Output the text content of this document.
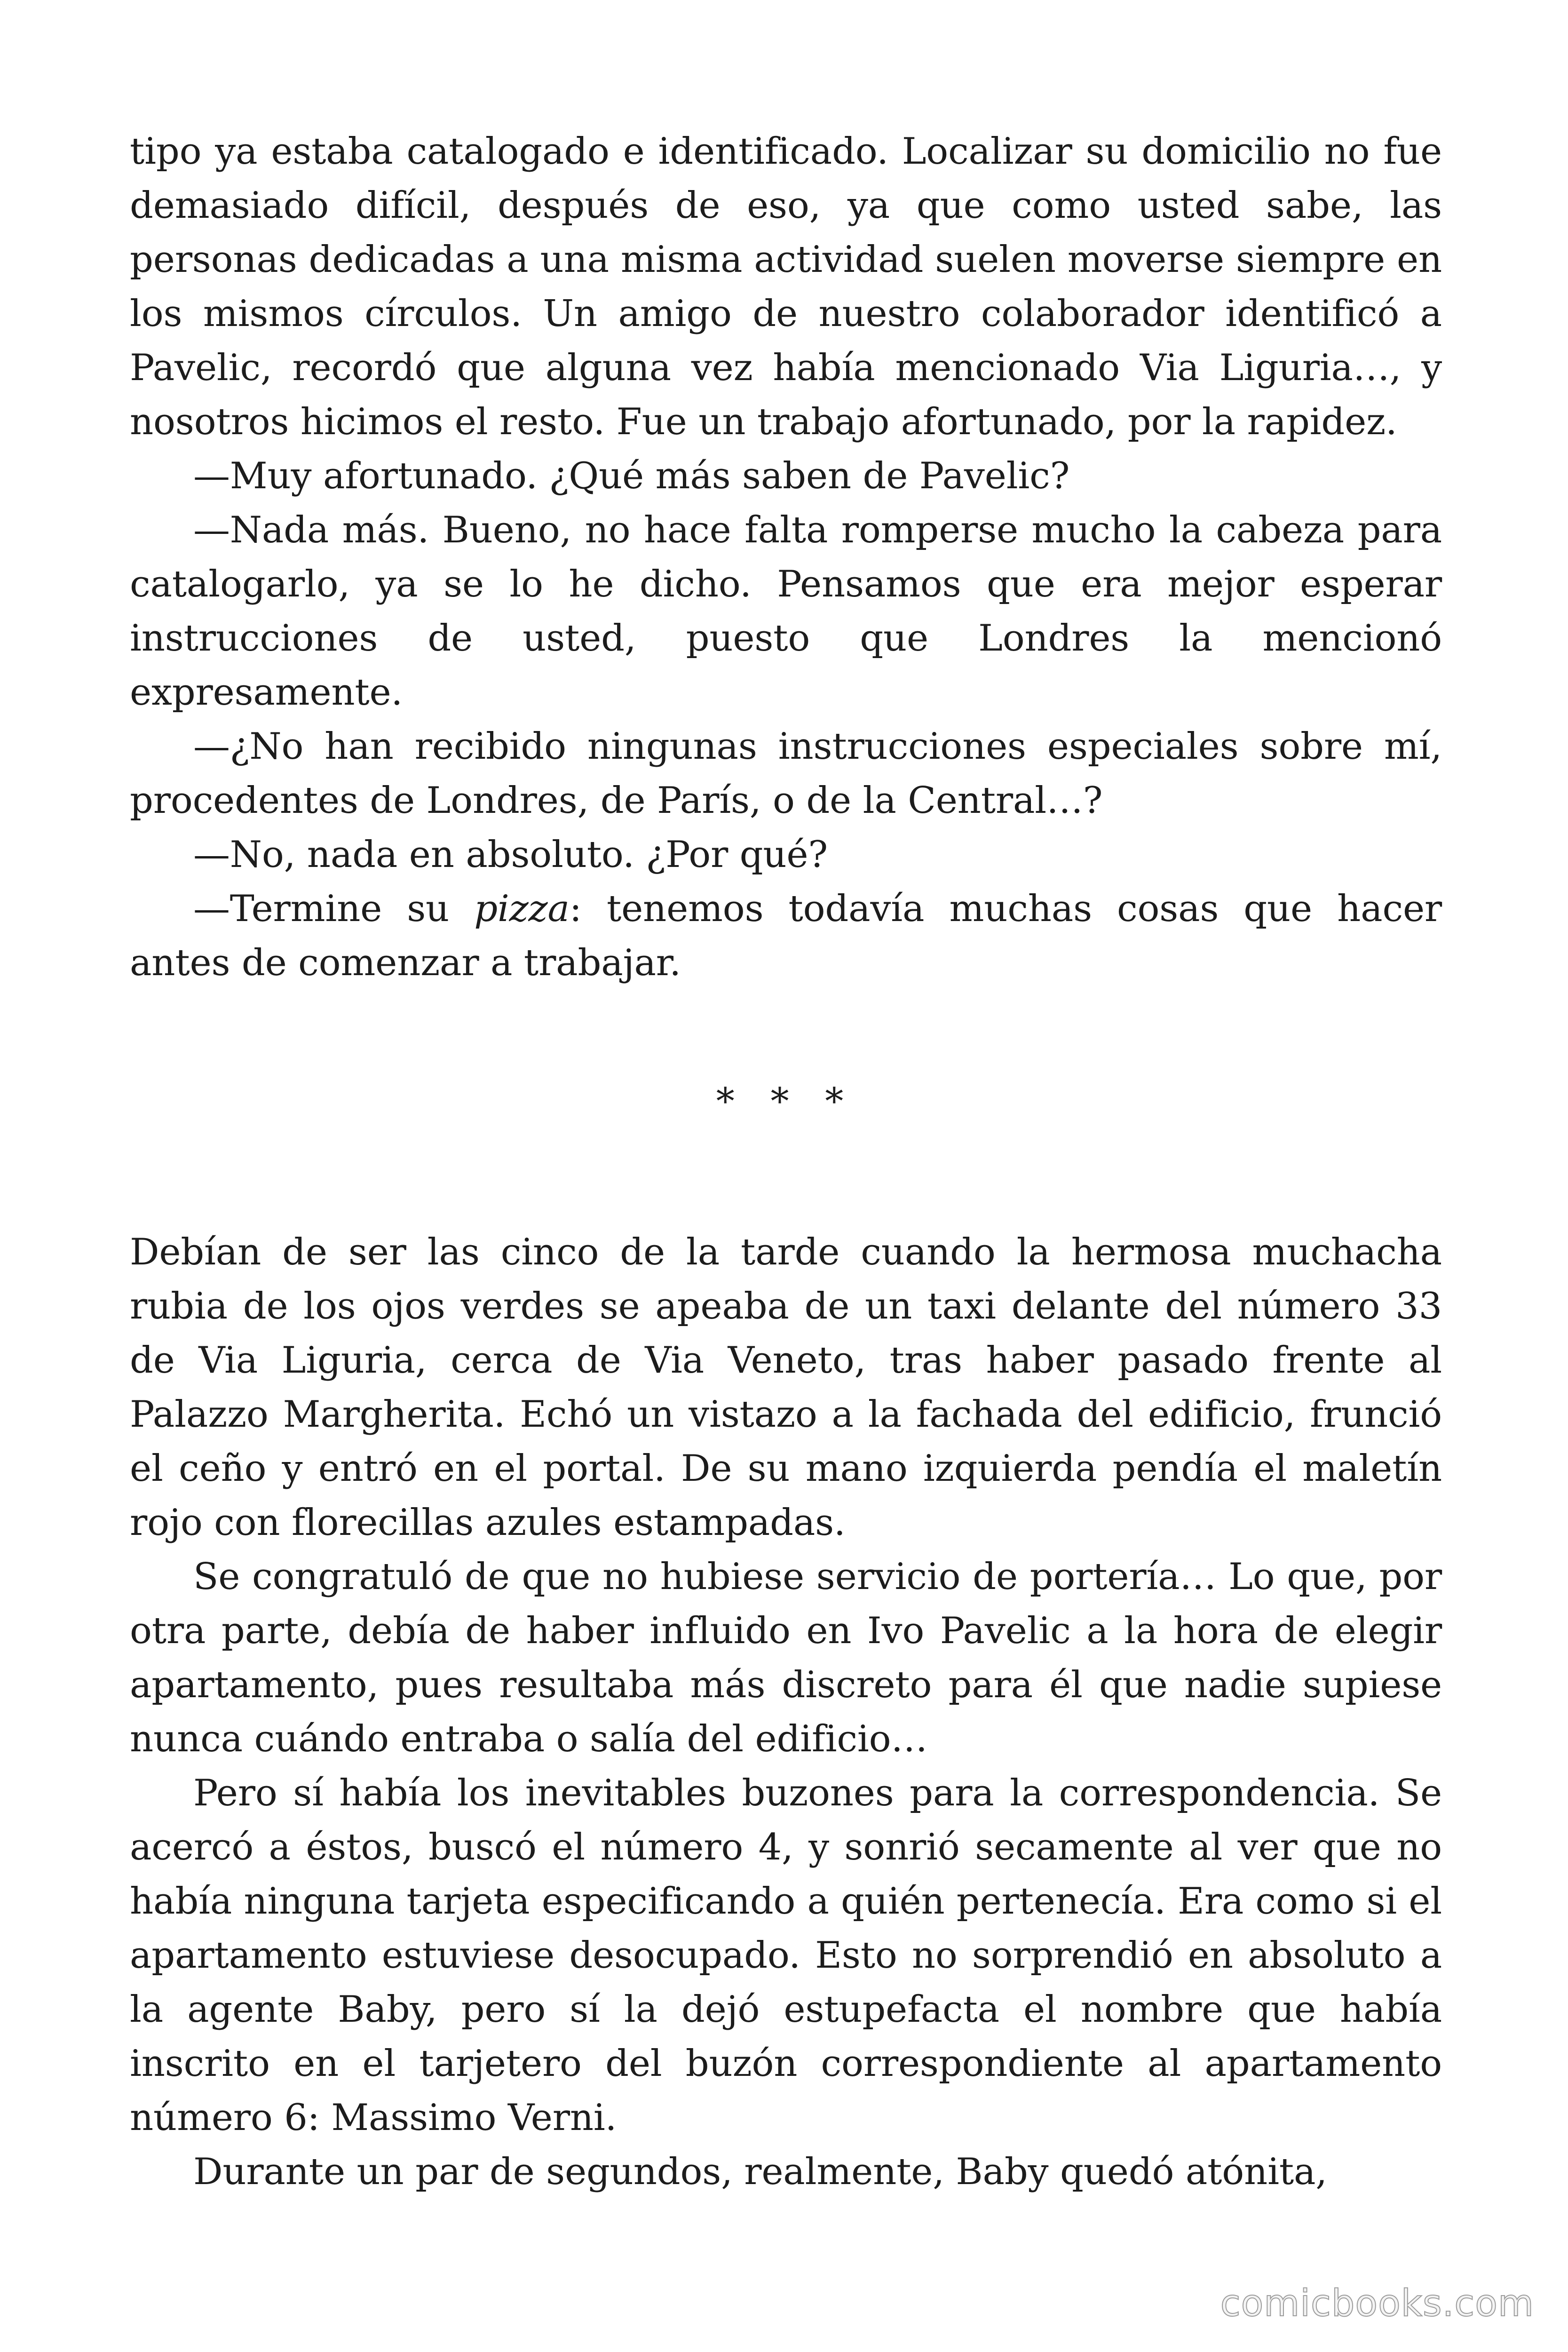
tipo ya estaba catalogado e identificado. Localizar su domicilio no fue demasiado difícil, después de eso, ya que como usted sabe, las personas dedicadas a una misma actividad suelen moverse siempre en los mismos círculos. Un amigo de nuestro colaborador identificó a Pavelic, recordó que alguna vez había mencionado Via Liguria…, y nosotros hicimos el resto. Fue un trabajo afortunado, por la rapidez.

—Muy afortunado. ¿Qué más saben de Pavelic?

—Nada más. Bueno, no hace falta romperse mucho la cabeza para catalogarlo, ya se lo he dicho. Pensamos que era mejor esperar instrucciones de usted, puesto que Londres la mencionó expresamente.

—¿No han recibido ningunas instrucciones especiales sobre mí, procedentes de Londres, de París, o de la Central…?

—No, nada en absoluto. ¿Por qué?

—Termine su pizza: tenemos todavía muchas cosas que hacer antes de comenzar a trabajar.

* * *

Debían de ser las cinco de la tarde cuando la hermosa muchacha rubia de los ojos verdes se apeaba de un taxi delante del número 33 de Via Liguria, cerca de Via Veneto, tras haber pasado frente al Palazzo Margherita. Echó un vistazo a la fachada del edificio, frunció el ceño y entró en el portal. De su mano izquierda pendía el maletín rojo con florecillas azules estampadas.

Se congratuló de que no hubiese servicio de portería… Lo que, por otra parte, debía de haber influido en Ivo Pavelic a la hora de elegir apartamento, pues resultaba más discreto para él que nadie supiese nunca cuándo entraba o salía del edificio…

Pero sí había los inevitables buzones para la correspondencia. Se acercó a éstos, buscó el número 4, y sonrió secamente al ver que no había ninguna tarjeta especificando a quién pertenecía. Era como si el apartamento estuviese desocupado. Esto no sorprendió en absoluto a la agente Baby, pero sí la dejó estupefacta el nombre que había inscrito en el tarjetero del buzón correspondiente al apartamento número 6: Massimo Verni.

Durante un par de segundos, realmente, Baby quedó atónita,

comicbooks.com
